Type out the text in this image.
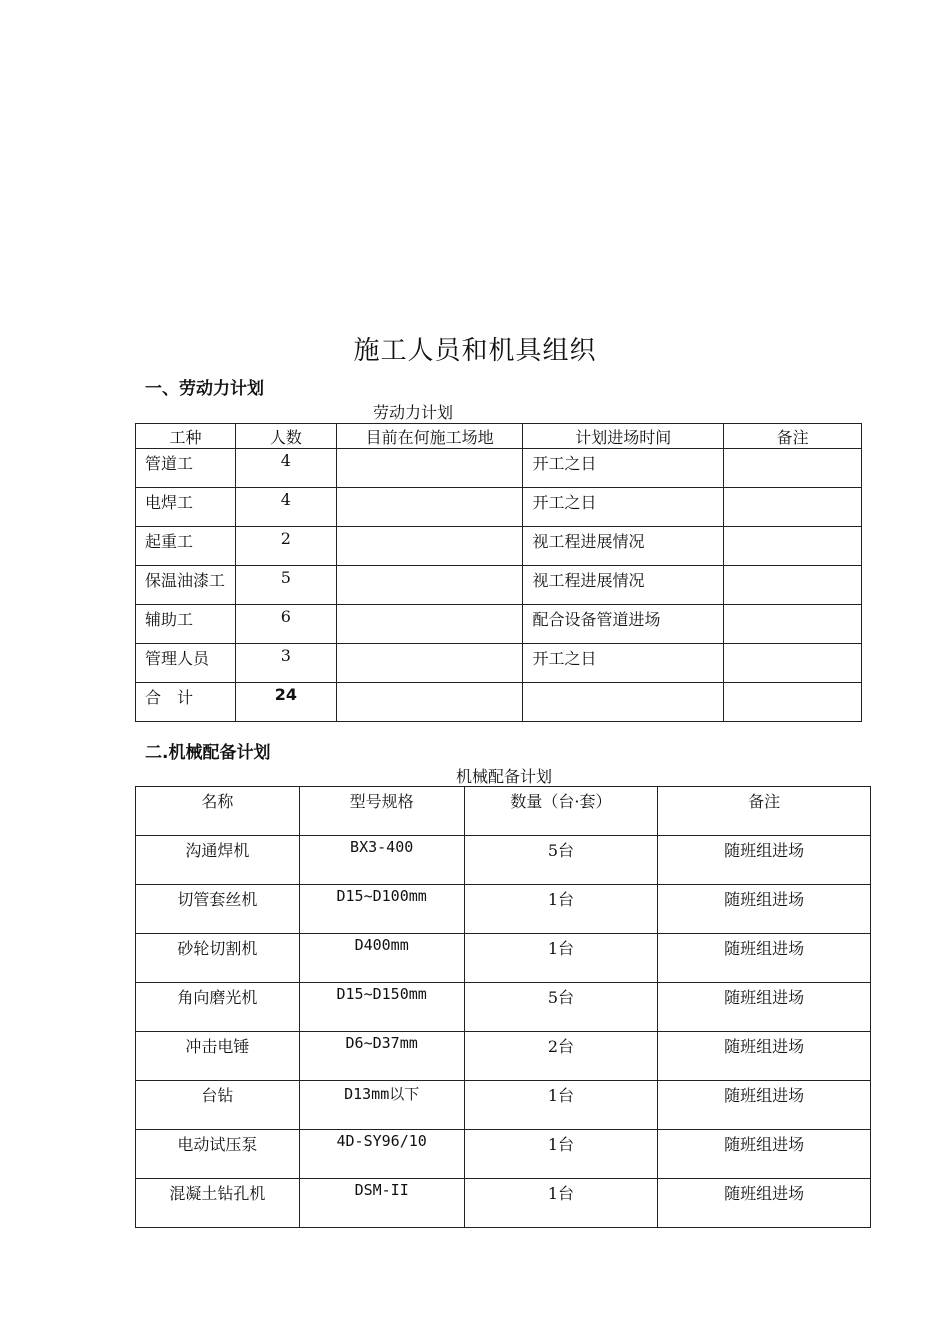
施工人员和机具组织
一、劳动力计划

劳动力计划

工种	人数	目前在何施工场地	计划进场时间	备注
管道工	4		开工之日	
电焊工	4		开工之日	
起重工	2		视工程进展情况	
保温油漆工	5		视工程进展情况	
辅助工	6		配合设备管道进场	
管理人员	3		开工之日	
合　计	24			
二.机械配备计划

机械配备计划

名称	型号规格	数量（台·套）	备注
沟通焊机	BX3-400	5台	随班组进场
切管套丝机	D15~D100mm	1台	随班组进场
砂轮切割机	D400mm	1台	随班组进场
角向磨光机	D15~D150mm	5台	随班组进场
冲击电锤	D6~D37mm	2台	随班组进场
台钻	D13mm以下	1台	随班组进场
电动试压泵	4D-SY96/10	1台	随班组进场
混凝土钻孔机	DSM-II	1台	随班组进场
